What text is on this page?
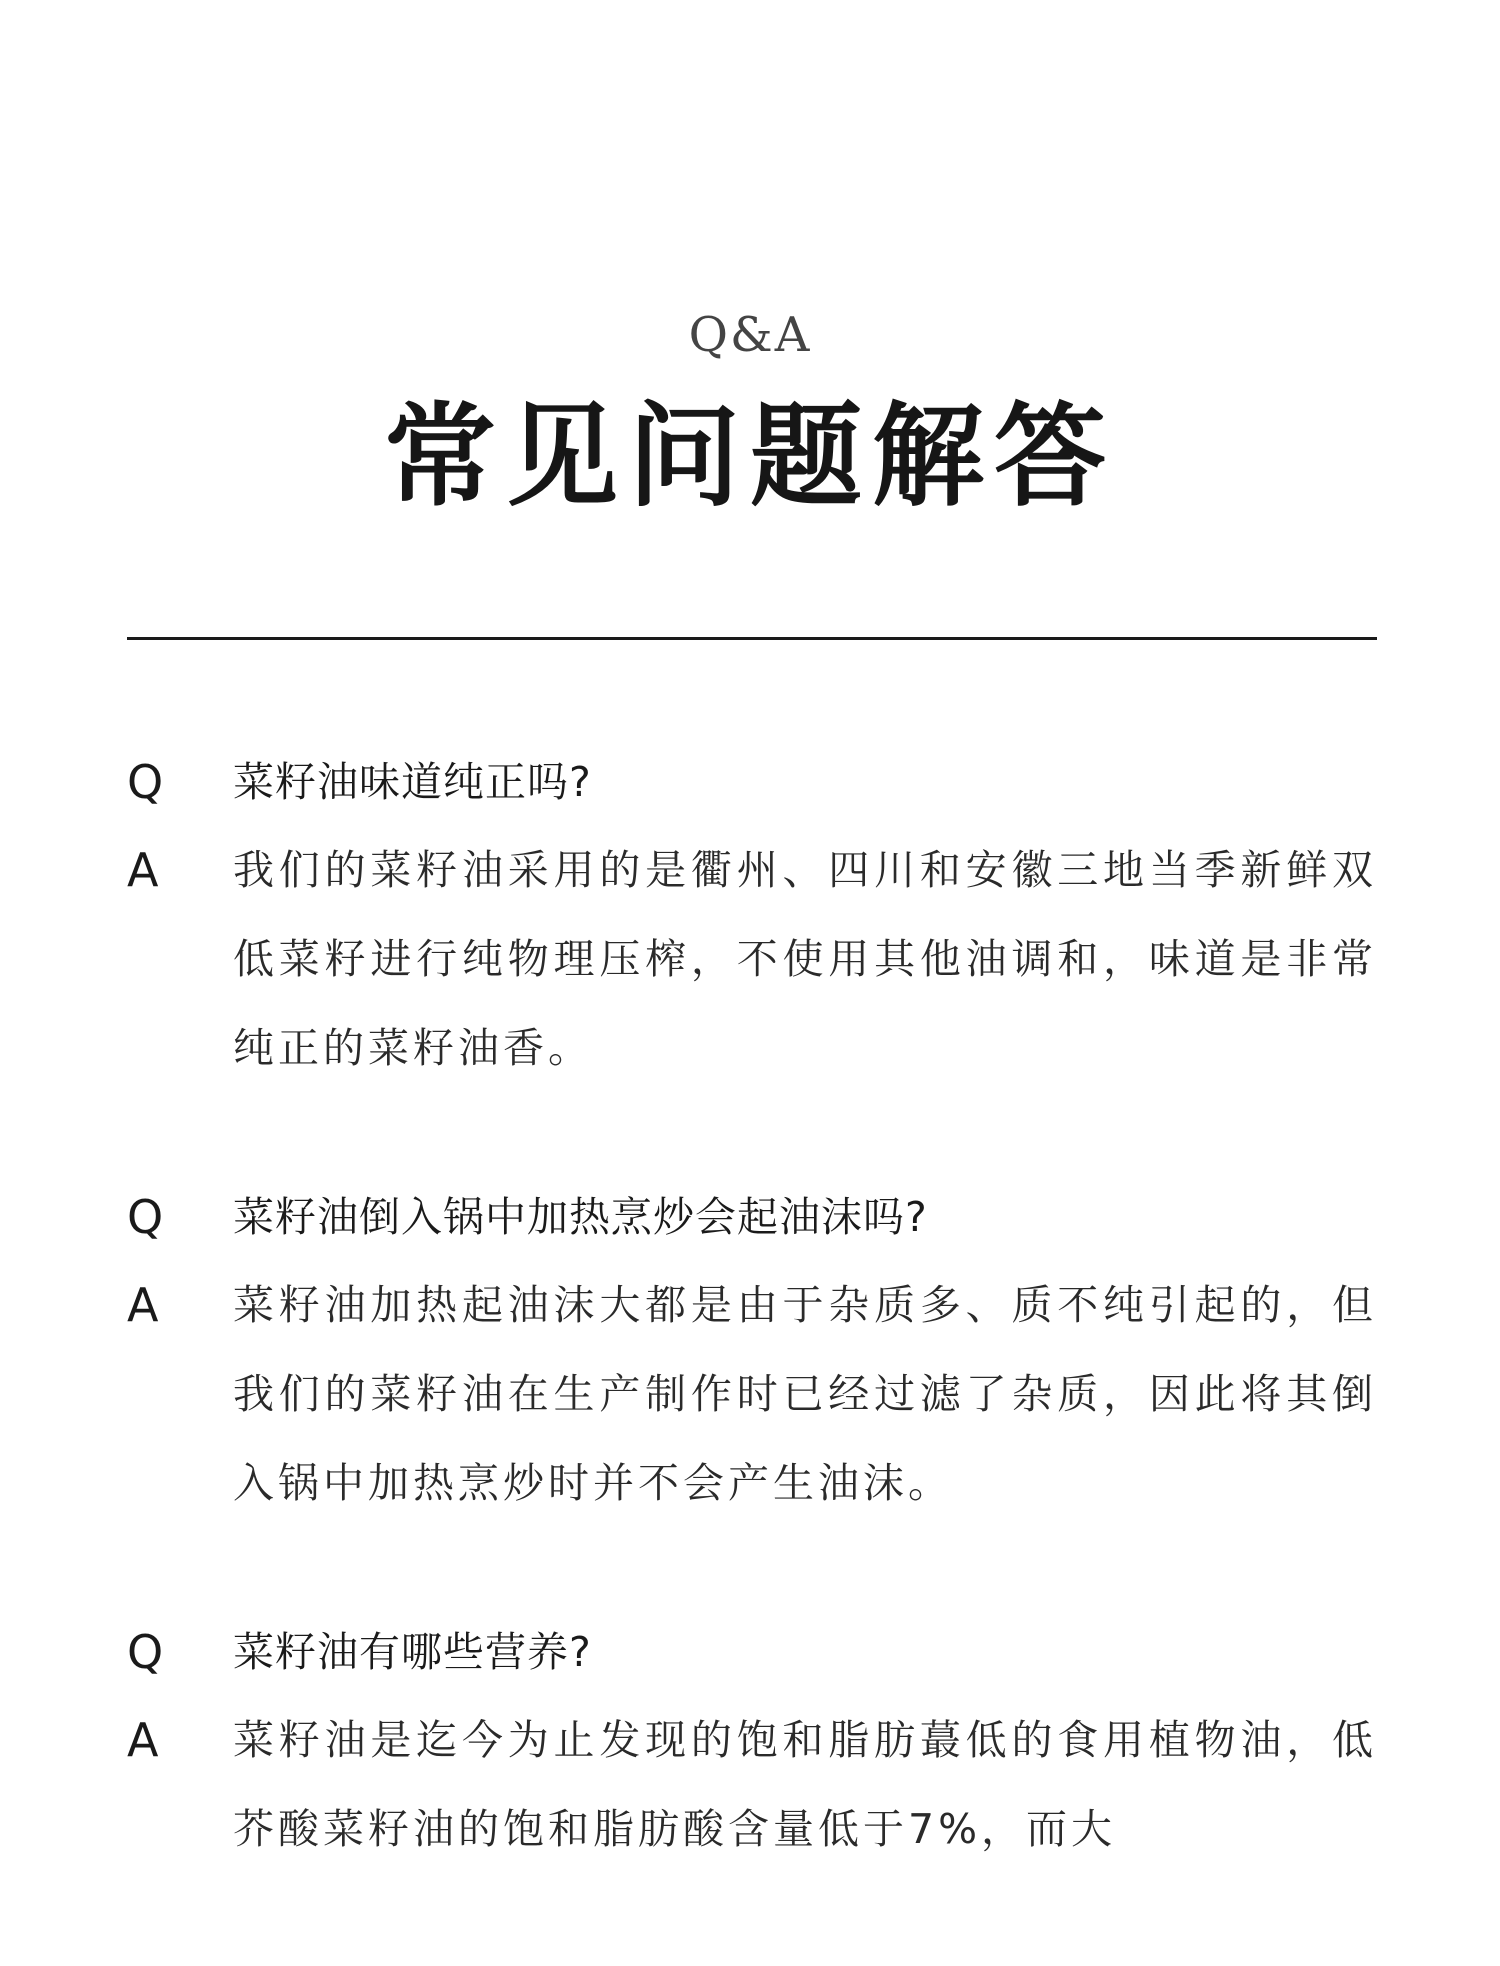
Q&A
常见问题解答
Q	菜籽油味道纯正吗?
A	我们的菜籽油采用的是衢州、四川和安徽三地当季新鲜双低菜籽进行纯物理压榨，不使用其他油调和，味道是非常纯正的菜籽油香。
Q	菜籽油倒入锅中加热烹炒会起油沫吗?
A	菜籽油加热起油沫大都是由于杂质多、质不纯引起的，但我们的菜籽油在生产制作时已经过滤了杂质，因此将其倒入锅中加热烹炒时并不会产生油沫。
Q	菜籽油有哪些营养?
A	菜籽油是迄今为止发现的饱和脂肪蕞低的食用植物油，低芥酸菜籽油的饱和脂肪酸含量低于7%，而大
